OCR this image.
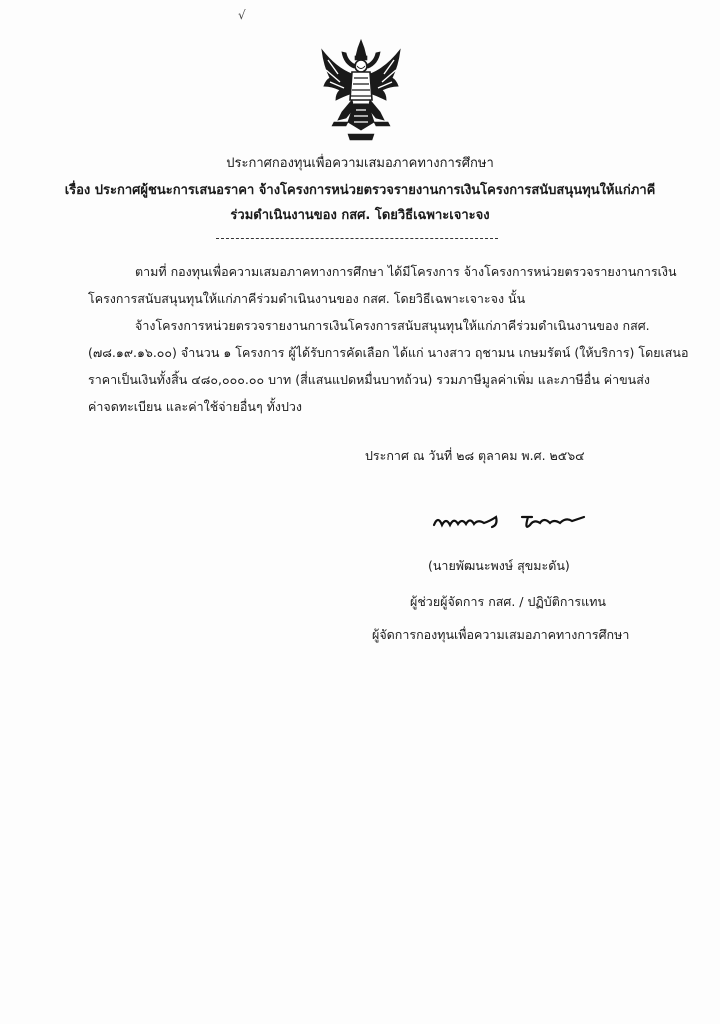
√
ประกาศกองทุนเพื่อความเสมอภาคทางการศึกษา
เรื่อง ประกาศผู้ชนะการเสนอราคา จ้างโครงการหน่วยตรวจรายงานการเงินโครงการสนับสนุนทุนให้แก่ภาคี
ร่วมดำเนินงานของ กสศ. โดยวิธีเฉพาะเจาะจง
ตามที่ กองทุนเพื่อความเสมอภาคทางการศึกษา ได้มีโครงการ จ้างโครงการหน่วยตรวจรายงานการเงิน
โครงการสนับสนุนทุนให้แก่ภาคีร่วมดำเนินงานของ กสศ. โดยวิธีเฉพาะเจาะจง นั้น
จ้างโครงการหน่วยตรวจรายงานการเงินโครงการสนับสนุนทุนให้แก่ภาคีร่วมดำเนินงานของ กสศ.
(๗๘.๑๙.๑๖.๐๐) จำนวน ๑ โครงการ ผู้ได้รับการคัดเลือก ได้แก่ นางสาว ฤชามน เกษมรัตน์ (ให้บริการ) โดยเสนอ
ราคาเป็นเงินทั้งสิ้น ๔๘๐,๐๐๐.๐๐ บาท (สี่แสนแปดหมื่นบาทถ้วน) รวมภาษีมูลค่าเพิ่ม และภาษีอื่น ค่าขนส่ง
ค่าจดทะเบียน และค่าใช้จ่ายอื่นๆ ทั้งปวง
ประกาศ ณ วันที่ ๒๘ ตุลาคม พ.ศ. ๒๕๖๔
(นายพัฒนะพงษ์ สุขมะดัน)
ผู้ช่วยผู้จัดการ กสศ. / ปฏิบัติการแทน
ผู้จัดการกองทุนเพื่อความเสมอภาคทางการศึกษา
